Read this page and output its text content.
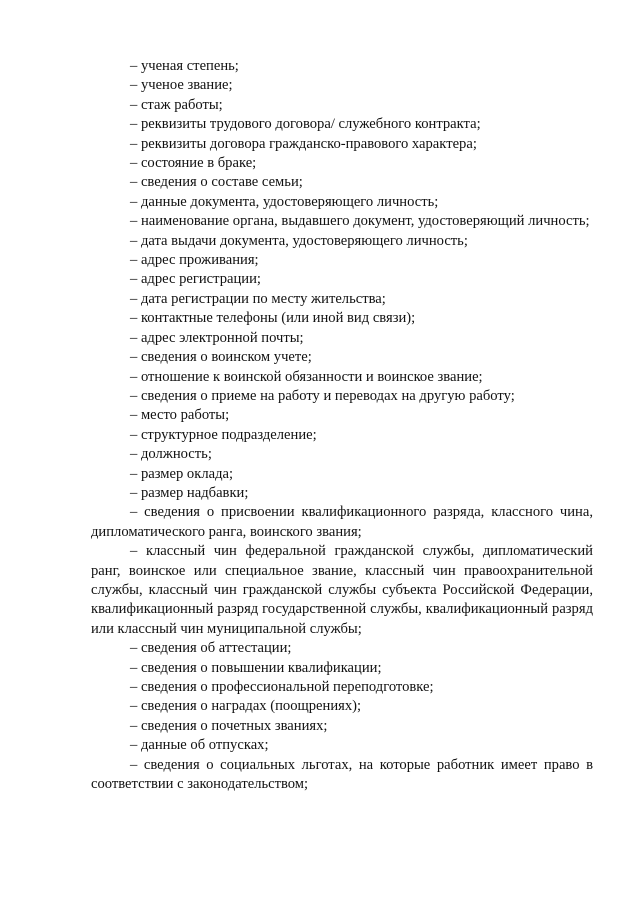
– ученая степень;

– ученое звание;

– стаж работы;

– реквизиты трудового договора/ служебного контракта;

– реквизиты договора гражданско-правового характера;

– состояние в браке;

– сведения о составе семьи;

– данные документа, удостоверяющего личность;

– наименование органа, выдавшего документ, удостоверяющий личность;

– дата выдачи документа, удостоверяющего личность;

– адрес проживания;

– адрес регистрации;

– дата регистрации по месту жительства;

– контактные телефоны (или иной вид связи);

– адрес электронной почты;

– сведения о воинском учете;

– отношение к воинской обязанности и воинское звание;

– сведения о приеме на работу и переводах на другую работу;

– место работы;

– структурное подразделение;

– должность;

– размер оклада;

– размер надбавки;

– сведения о присвоении квалификационного разряда, классного чина, дипломатического ранга, воинского звания;

– классный чин федеральной гражданской службы, дипломатический ранг, воинское или специальное звание, классный чин правоохранительной службы, классный чин гражданской службы субъекта Российской Федерации, квалификационный разряд государственной службы, квалификационный разряд или классный чин муниципальной службы;

– сведения об аттестации;

– сведения о повышении квалификации;

– сведения о профессиональной переподготовке;

– сведения о наградах (поощрениях);

– сведения о почетных званиях;

– данные об отпусках;

– сведения о социальных льготах, на которые работник имеет право в соответствии с законодательством;
